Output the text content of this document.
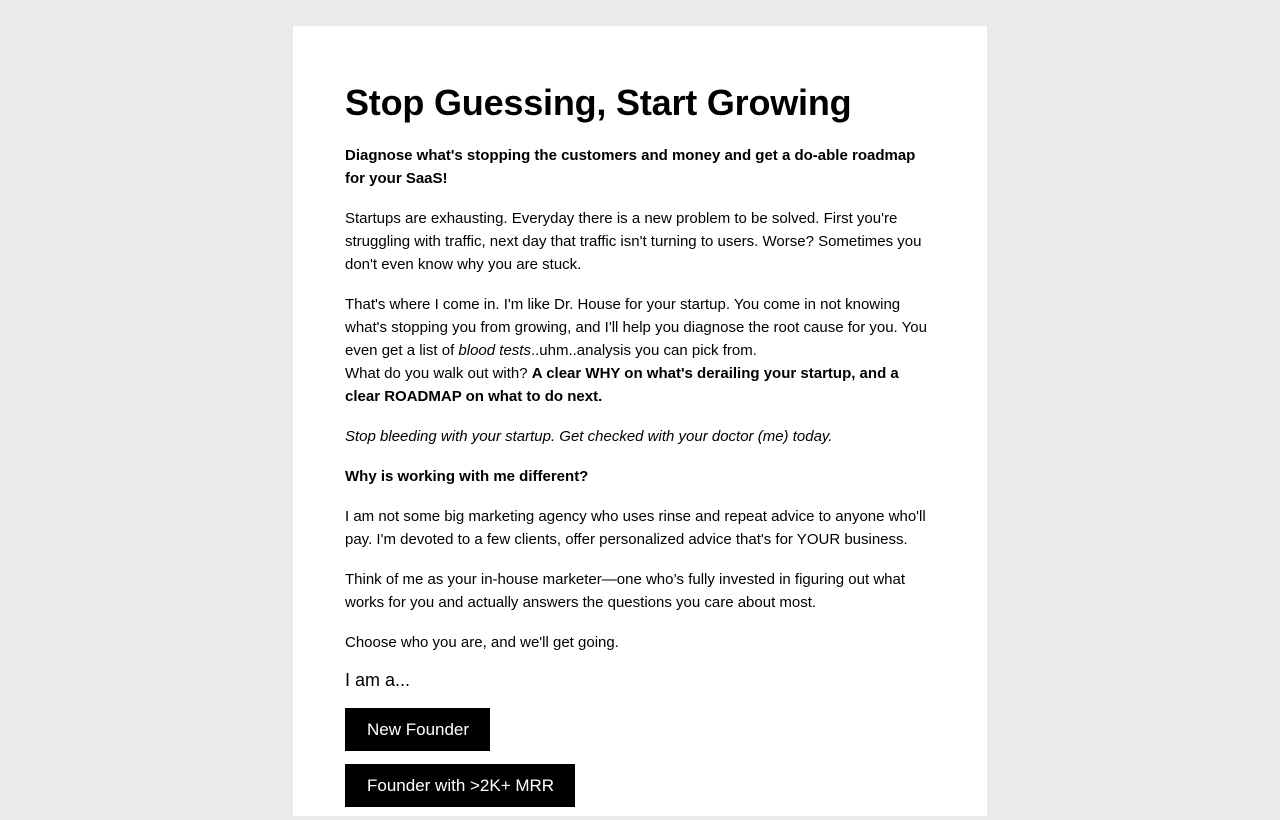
Stop Guessing, Start Growing

Diagnose what's stopping the customers and money and get a do-able roadmap for your SaaS!

Startups are exhausting. Everyday there is a new problem to be solved. First you're struggling with traffic, next day that traffic isn't turning to users. Worse? Sometimes you don't even know why you are stuck.

That's where I come in. I'm like Dr. House for your startup. You come in not knowing what's stopping you from growing, and I'll help you diagnose the root cause for you. You even get a list of blood tests..uhm..analysis you can pick from.

What do you walk out with? A clear WHY on what's derailing your startup, and a clear ROADMAP on what to do next.

Stop bleeding with your startup. Get checked with your doctor (me) today.

Why is working with me different?

I am not some big marketing agency who uses rinse and repeat advice to anyone who'll pay. I'm devoted to a few clients, offer personalized advice that's for YOUR business.

Think of me as your in-house marketer—one who’s fully invested in figuring out what works for you and actually answers the questions you care about most.

Choose who you are, and we'll get going.

I am a...
New Founder
Founder with >2K+ MRR
